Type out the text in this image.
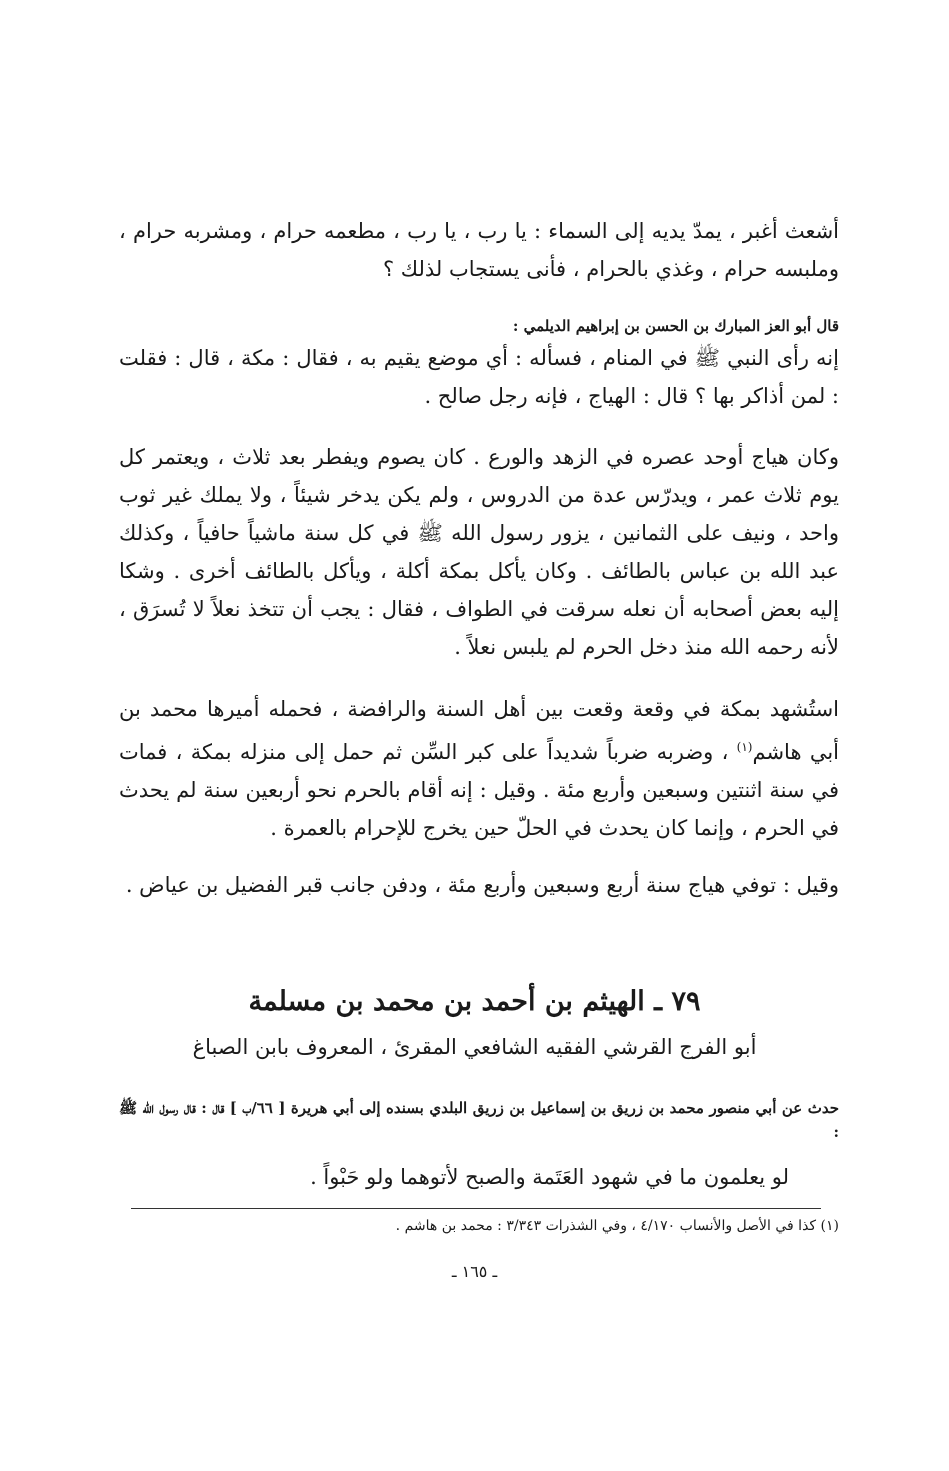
أشعث أغبر ، يمدّ يديه إلى السماء : يا رب ، يا رب ، مطعمه حرام ، ومشربه حرام ، وملبسه حرام ، وغذي بالحرام ، فأنى يستجاب لذلك ؟

قال أبو العز المبارك بن الحسن بن إبراهيم الديلمي :

إنه رأى النبي ﷺ في المنام ، فسأله : أي موضع يقيم به ، فقال : مكة ، قال : فقلت : لمن أذاكر بها ؟ قال : الهياج ، فإنه رجل صالح .

وكان هياج أوحد عصره في الزهد والورع . كان يصوم ويفطر بعد ثلاث ، ويعتمر كل يوم ثلاث عمر ، ويدرّس عدة من الدروس ، ولم يكن يدخر شيئاً ، ولا يملك غير ثوب واحد ، ونيف على الثمانين ، يزور رسول الله ﷺ في كل سنة ماشياً حافياً ، وكذلك عبد الله بن عباس بالطائف . وكان يأكل بمكة أكلة ، ويأكل بالطائف أخرى . وشكا إليه بعض أصحابه أن نعله سرقت في الطواف ، فقال : يجب أن تتخذ نعلاً لا تُسرَق ، لأنه رحمه الله منذ دخل الحرم لم يلبس نعلاً .

استُشهد بمكة في وقعة وقعت بين أهل السنة والرافضة ، فحمله أميرها محمد بن أبي هاشم$^{(١)}$ ، وضربه ضرباً شديداً على كبر السِّن ثم حمل إلى منزله بمكة ، فمات في سنة اثنتين وسبعين وأربع مئة . وقيل : إنه أقام بالحرم نحو أربعين سنة لم يحدث في الحرم ، وإنما كان يحدث في الحلّ حين يخرج للإحرام بالعمرة .

وقيل : توفي هياج سنة أربع وسبعين وأربع مئة ، ودفن جانب قبر الفضيل بن عياض .

٧٩ ـ الهيثم بن أحمد بن محمد بن مسلمة
أبو الفرج القرشي الفقيه الشافعي المقرئ ، المعروف بابن الصباغ

حدث عن أبي منصور محمد بن زريق بن إسماعيل بن زريق البلدي بسنده إلى أبي هريرة [ ٦٦/ب ] قال : قال رسول الله ﷺ :

لو يعلمون ما في شهود العَتَمة والصبح لأتوهما ولو حَبْواً .

(١) كذا في الأصل والأنساب ٤/١٧٠ ، وفي الشذرات ٣/٣٤٣ : محمد بن هاشم .

ـ ١٦٥ ـ
